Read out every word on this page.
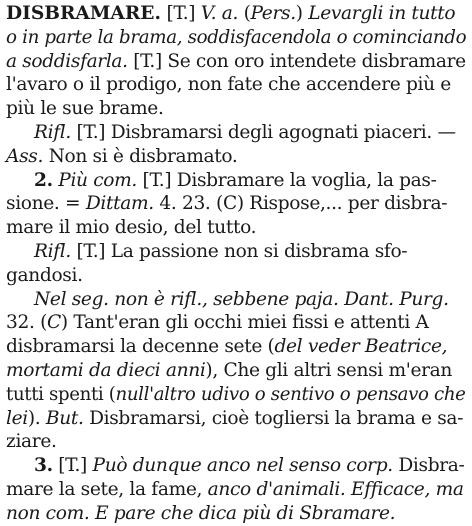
DISBRAMARE. [T.] V. a. (Pers.) Levargli in tutto
o in parte la brama, soddisfacendola o cominciando
a soddisfarla. [T.] Se con oro intendete disbramare
l'avaro o il prodigo, non fate che accendere più e
più le sue brame.
Rifl. [T.] Disbramarsi degli agognati piaceri. —
Ass. Non si è disbramato.
2. Più com. [T.] Disbramare la voglia, la pas-
sione. = Dittam. 4. 23. (C) Rispose,... per disbra-
mare il mio desio, del tutto.
Rifl. [T.] La passione non si disbrama sfo-
gandosi.
Nel seg. non è rifl., sebbene paja. Dant. Purg.
32. (C) Tant'eran gli occhi miei fissi e attenti A
disbramarsi la decenne sete (del veder Beatrice,
mortami da dieci anni), Che gli altri sensi m'eran
tutti spenti (null'altro udivo o sentivo o pensavo che
lei). But. Disbramarsi, cioè togliersi la brama e sa-
ziare.
3. [T.] Può dunque anco nel senso corp. Disbra-
mare la sete, la fame, anco d'animali. Efficace, ma
non com. E pare che dica più di Sbramare.
